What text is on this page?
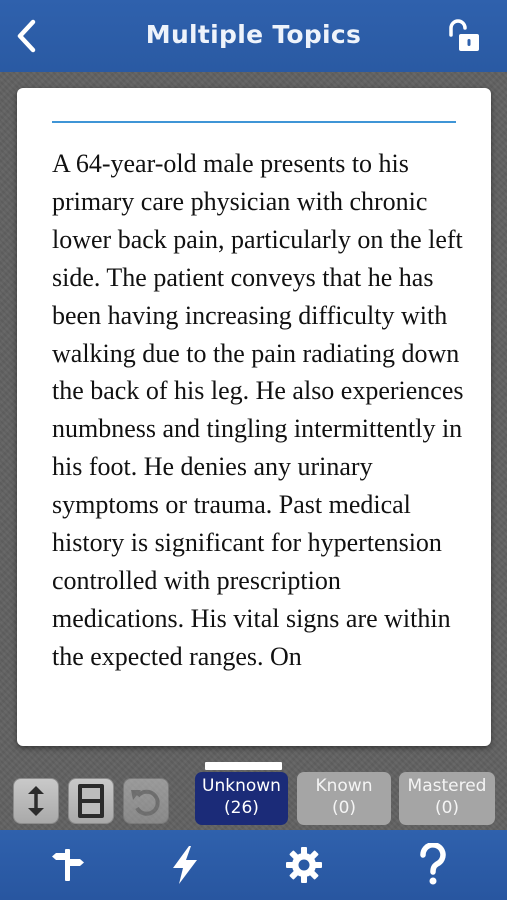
Multiple Topics
A 64-year-old male presents to his primary care physician with chronic lower back pain, particularly on the left side. The patient conveys that he has been having increasing difficulty with walking due to the pain radiating down the back of his leg. He also experiences numbness and tingling intermittently in his foot. He denies any urinary symptoms or trauma. Past medical history is significant for hypertension controlled with prescription medications. His vital signs are within the expected ranges. On
Unknown
(26)
Known
(0)
Mastered
(0)
